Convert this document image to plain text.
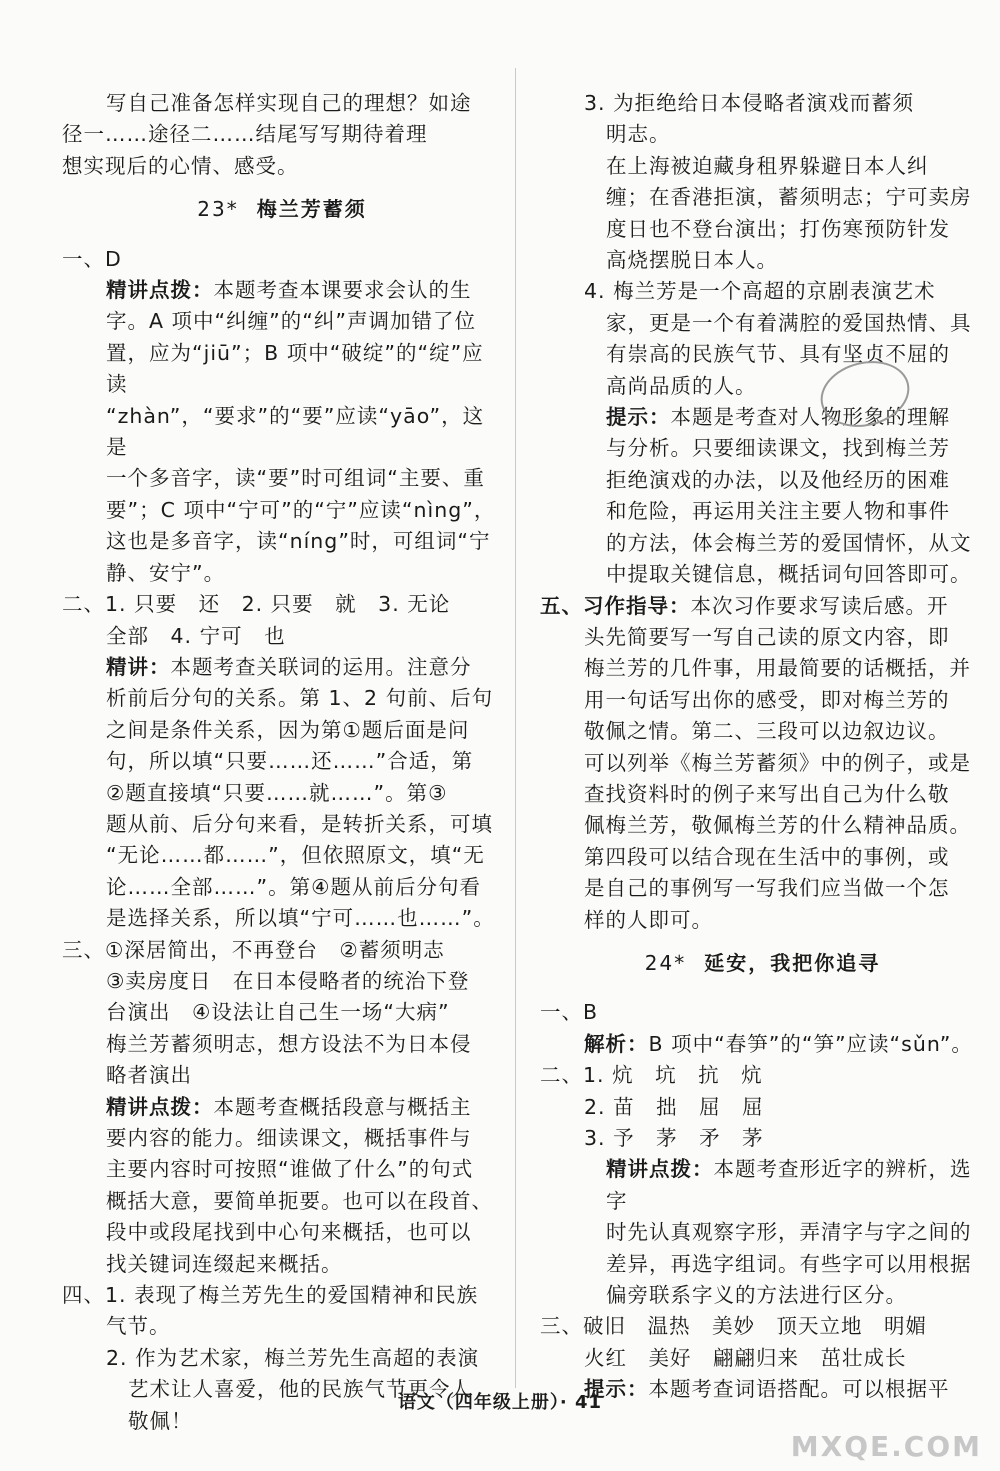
写自己准备怎样实现自己的理想？如途

径一……途径二……结尾写写期待着理

想实现后的心情、感受。

23* 梅兰芳蓄须

一、D

精讲点拨：本题考查本课要求会认的生

字。A 项中“纠缠”的“纠”声调加错了位

置，应为“jiū”；B 项中“破绽”的“绽”应读

“zhàn”，“要求”的“要”应读“yāo”，这是

一个多音字，读“要”时可组词“主要、重

要”；C 项中“宁可”的“宁”应读“nìng”，

这也是多音字，读“níng”时，可组词“宁

静、安宁”。

二、1. 只要　还　2. 只要　就　3. 无论

全部　4. 宁可　也

精讲：本题考查关联词的运用。注意分

析前后分句的关系。第 1、2 句前、后句

之间是条件关系，因为第①题后面是问

句，所以填“只要……还……”合适，第

②题直接填“只要……就……”。第③

题从前、后分句来看，是转折关系，可填

“无论……都……”，但依照原文，填“无

论……全部……”。第④题从前后分句看

是选择关系，所以填“宁可……也……”。

三、①深居简出，不再登台　②蓄须明志

③卖房度日　在日本侵略者的统治下登

台演出　④设法让自己生一场“大病”

梅兰芳蓄须明志，想方设法不为日本侵

略者演出

精讲点拨：本题考查概括段意与概括主

要内容的能力。细读课文，概括事件与

主要内容时可按照“谁做了什么”的句式

概括大意，要简单扼要。也可以在段首、

段中或段尾找到中心句来概括，也可以

找关键词连缀起来概括。

四、1. 表现了梅兰芳先生的爱国精神和民族

气节。

2. 作为艺术家，梅兰芳先生高超的表演

艺术让人喜爱，他的民族气节更令人

敬佩！

3. 为拒绝给日本侵略者演戏而蓄须

明志。

在上海被迫藏身租界躲避日本人纠

缠；在香港拒演，蓄须明志；宁可卖房

度日也不登台演出；打伤寒预防针发

高烧摆脱日本人。

4. 梅兰芳是一个高超的京剧表演艺术

家，更是一个有着满腔的爱国热情、具

有崇高的民族气节、具有坚贞不屈的

高尚品质的人。

提示：本题是考查对人物形象的理解

与分析。只要细读课文，找到梅兰芳

拒绝演戏的办法，以及他经历的困难

和危险，再运用关注主要人物和事件

的方法，体会梅兰芳的爱国情怀，从文

中提取关键信息，概括词句回答即可。

五、习作指导：本次习作要求写读后感。开

头先简要写一写自己读的原文内容，即

梅兰芳的几件事，用最简要的话概括，并

用一句话写出你的感受，即对梅兰芳的

敬佩之情。第二、三段可以边叙边议。

可以列举《梅兰芳蓄须》中的例子，或是

查找资料时的例子来写出自己为什么敬

佩梅兰芳，敬佩梅兰芳的什么精神品质。

第四段可以结合现在生活中的事例，或

是自己的事例写一写我们应当做一个怎

样的人即可。

24* 延安，我把你追寻

一、B

解析：B 项中“春笋”的“笋”应读“sǔn”。

二、1. 炕　坑　抗　炕

2. 苗　拙　屈　屈

3. 予　茅　矛　茅

精讲点拨：本题考查形近字的辨析，选字

时先认真观察字形，弄清字与字之间的

差异，再选字组词。有些字可以用根据

偏旁联系字义的方法进行区分。

三、破旧　温热　美妙　顶天立地　明媚

火红　美好　翩翩归来　茁壮成长

提示：本题考查词语搭配。可以根据平

语文（四年级上册）· 41
MXQE.COM
